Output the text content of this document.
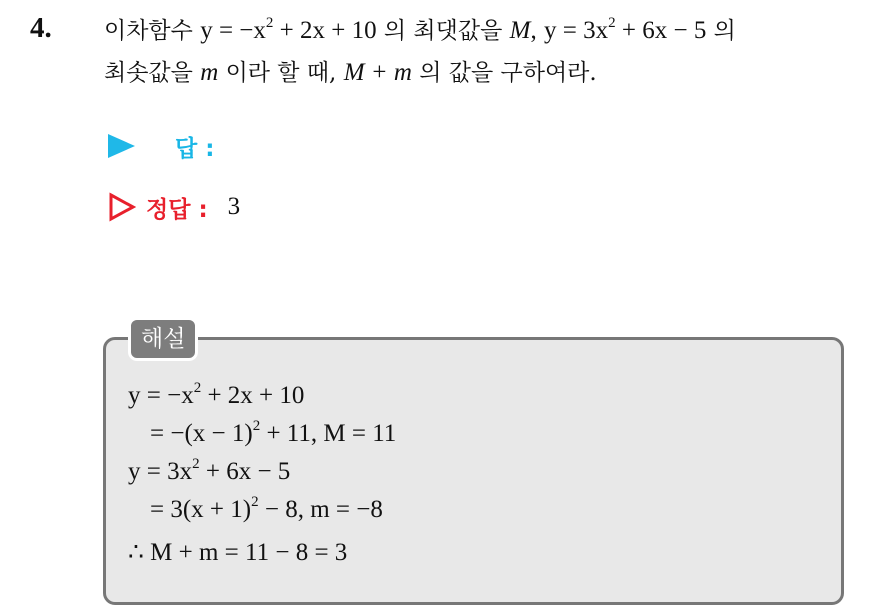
4. 이차함수 $y = -x^2 + 2x + 10$ 의 최댓값을 M, $y = 3x^2 + 6x - 5$ 의
최솟값을 m 이라 할 때, M + m 의 값을 구하여라.
답 :
정답 : 3
해설
$y = -x^2 + 2x + 10$
= $-(x - 1)^2 + 11$, M = 11
$y = 3x^2 + 6x - 5$
= $3(x + 1)^2 - 8$, m = −8
∴ M + m = 11 − 8 = 3
